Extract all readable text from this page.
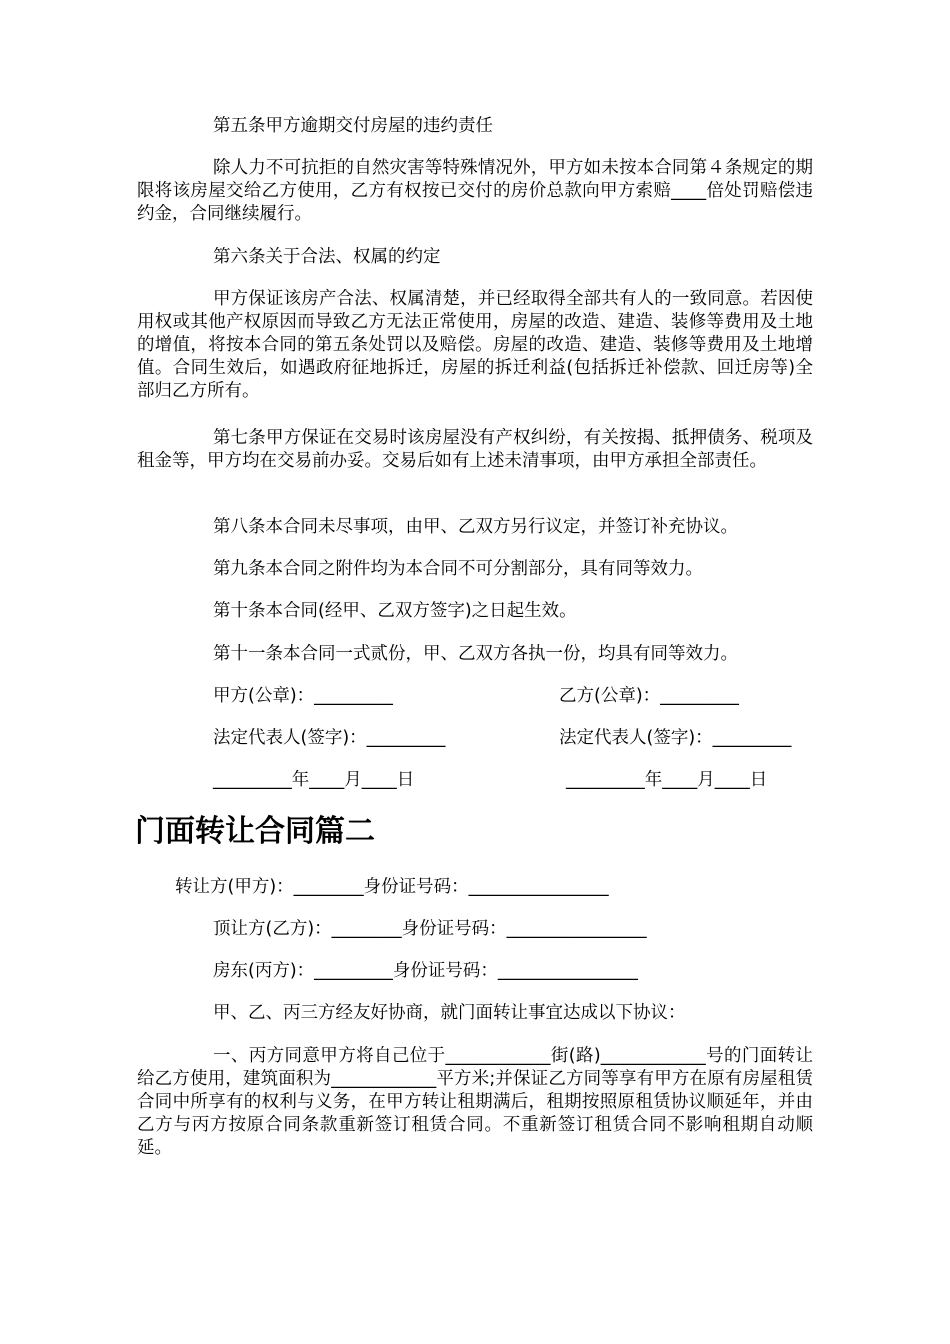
第五条甲方逾期交付房屋的违约责任

除人力不可抗拒的自然灾害等特殊情况外，甲方如未按本合同第４条规定的期限将该房屋交给乙方使用，乙方有权按已交付的房价总款向甲方索赔____倍处罚赔偿违约金，合同继续履行。

第六条关于合法、权属的约定

甲方保证该房产合法、权属清楚，并已经取得全部共有人的一致同意。若因使用权或其他产权原因而导致乙方无法正常使用，房屋的改造、建造、装修等费用及土地的增值，将按本合同的第五条处罚以及赔偿。房屋的改造、建造、装修等费用及土地增值。合同生效后，如遇政府征地拆迁，房屋的拆迁利益(包括拆迁补偿款、回迁房等)全部归乙方所有。

第七条甲方保证在交易时该房屋没有产权纠纷，有关按揭、抵押债务、税项及租金等，甲方均在交易前办妥。交易后如有上述未清事项，由甲方承担全部责任。

第八条本合同未尽事项，由甲、乙双方另行议定，并签订补充协议。

第九条本合同之附件均为本合同不可分割部分，具有同等效力。

第十条本合同(经甲、乙双方签字)之日起生效。

第十一条本合同一式贰份，甲、乙双方各执一份，均具有同等效力。

甲方(公章)：_________	乙方(公章)：_________
法定代表人(签字)：_________	法定代表人(签字)：_________
_________年____月____日	_________年____月____日
门面转让合同篇二
转让方(甲方)：________身份证号码：________________
顶让方(乙方)：________身份证号码：________________
房东(丙方)：_________身份证号码：________________

甲、乙、丙三方经友好协商，就门面转让事宜达成以下协议：

一、丙方同意甲方将自己位于____________街(路)____________号的门面转让给乙方使用，建筑面积为____________平方米;并保证乙方同等享有甲方在原有房屋租赁合同中所享有的权利与义务，在甲方转让租期满后，租期按照原租赁协议顺延年，并由乙方与丙方按原合同条款重新签订租赁合同。不重新签订租赁合同不影响租期自动顺延。
